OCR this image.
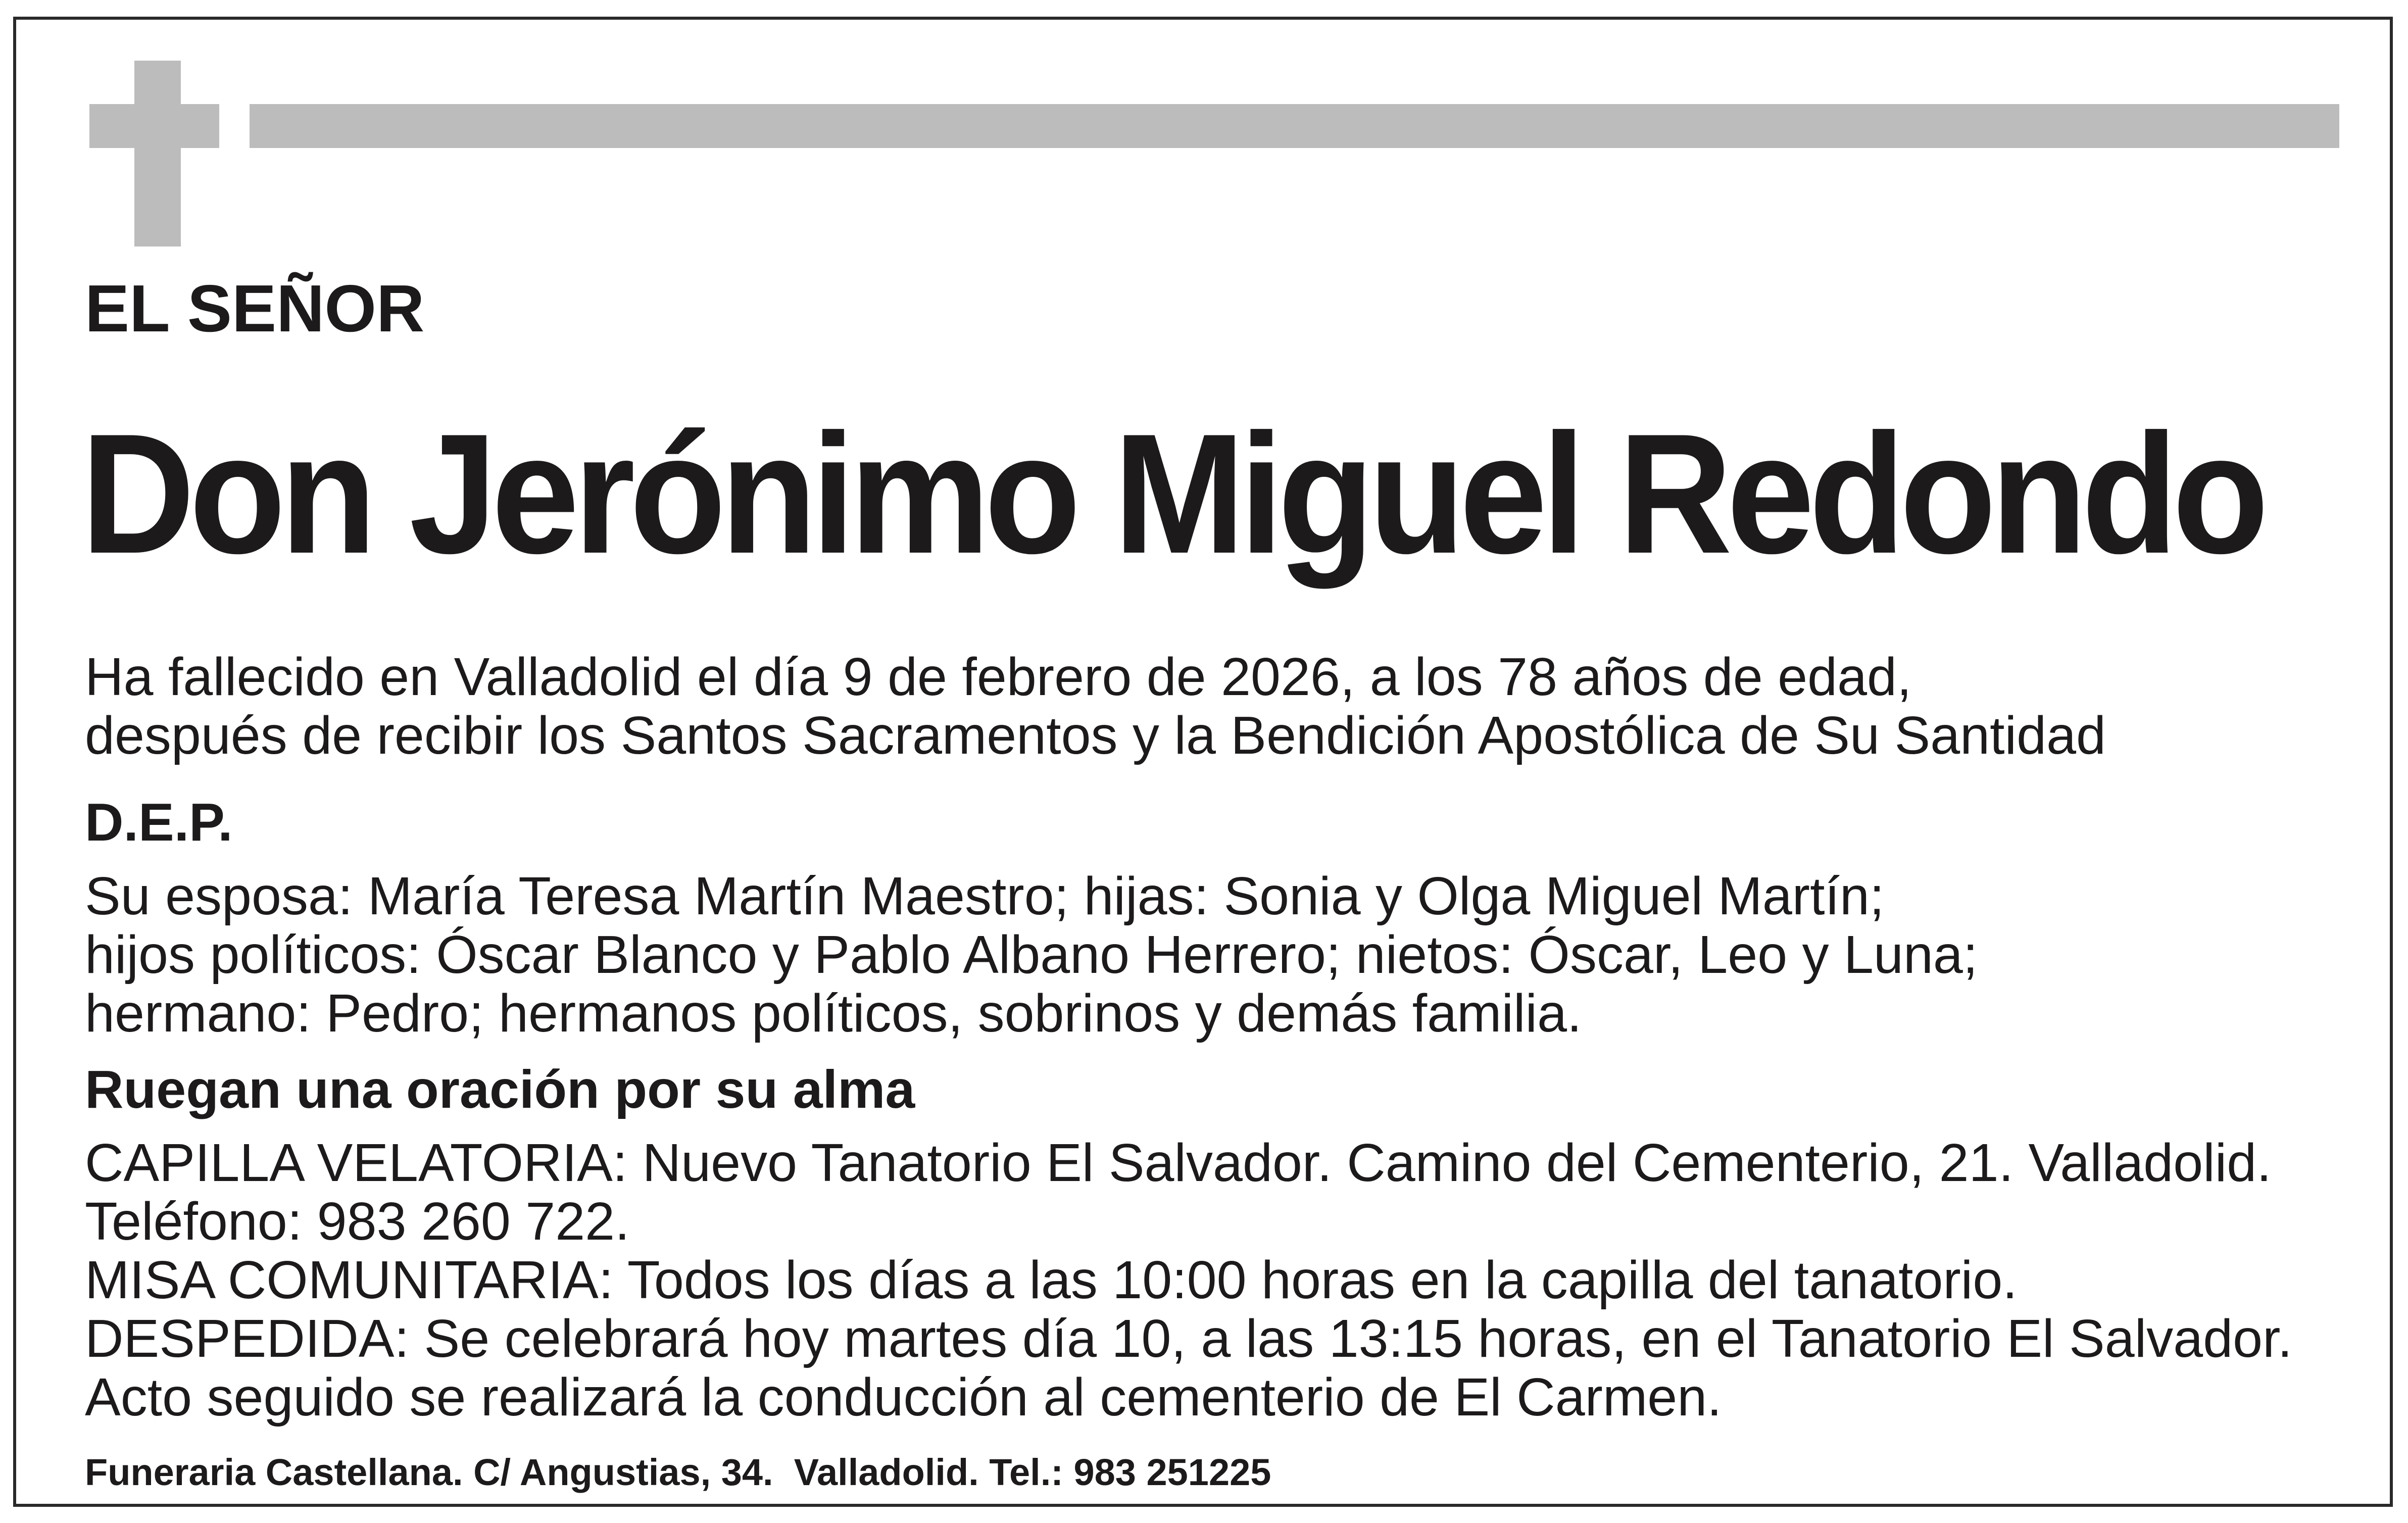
EL SEÑOR
Don Jerónimo Miguel Redondo
Ha fallecido en Valladolid el día 9 de febrero de 2026, a los 78 años de edad,
después de recibir los Santos Sacramentos y la Bendición Apostólica de Su Santidad
D.E.P.
Su esposa: María Teresa Martín Maestro; hijas: Sonia y Olga Miguel Martín;
hijos políticos: Óscar Blanco y Pablo Albano Herrero; nietos: Óscar, Leo y Luna;
hermano: Pedro; hermanos políticos, sobrinos y demás familia.
Ruegan una oración por su alma
CAPILLA VELATORIA: Nuevo Tanatorio El Salvador. Camino del Cementerio, 21. Valladolid.
Teléfono: 983 260 722.
MISA COMUNITARIA: Todos los días a las 10:00 horas en la capilla del tanatorio.
DESPEDIDA: Se celebrará hoy martes día 10, a las 13:15 horas, en el Tanatorio El Salvador.
Acto seguido se realizará la conducción al cementerio de El Carmen.
Funeraria Castellana. C/ Angustias, 34.  Valladolid. Tel.: 983 251225
